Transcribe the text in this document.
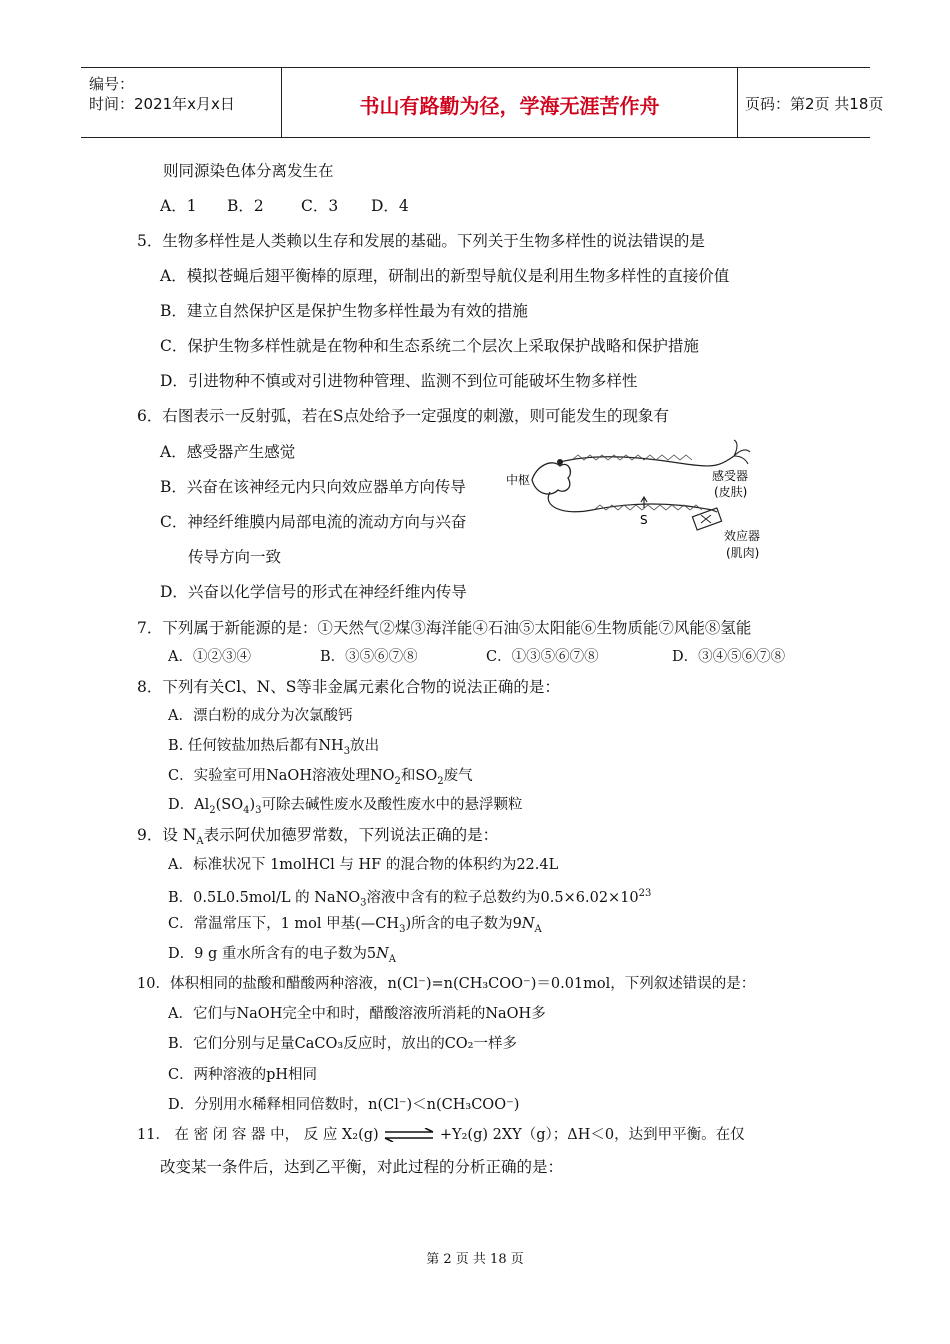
编号：
时间：2021年x月x日	书山有路勤为径，学海无涯苦作舟	页码：第2页 共18页
则同源染色体分离发生在
A．1 B．2 C．3 D．4
5．生物多样性是人类赖以生存和发展的基础。下列关于生物多样性的说法错误的是
A．模拟苍蝇后翅平衡棒的原理，研制出的新型导航仪是利用生物多样性的直接价值
B．建立自然保护区是保护生物多样性最为有效的措施
C．保护生物多样性就是在物种和生态系统二个层次上采取保护战略和保护措施
D．引进物种不慎或对引进物种管理、监测不到位可能破坏生物多样性
6．右图表示一反射弧，若在S点处给予一定强度的刺激，则可能发生的现象有
A．感受器产生感觉
B．兴奋在该神经元内只向效应器单方向传导
C．神经纤维膜内局部电流的流动方向与兴奋
传导方向一致
D．兴奋以化学信号的形式在神经纤维内传导
中枢	感受器
(皮肤)
S
效应器
(肌肉)
7．下列属于新能源的是：①天然气②煤③海洋能④石油⑤太阳能⑥生物质能⑦风能⑧氢能
A．①②③④	B．③⑤⑥⑦⑧	C．①③⑤⑥⑦⑧	D．③④⑤⑥⑦⑧
8．下列有关Cl、N、S等非金属元素化合物的说法正确的是：
A．漂白粉的成分为次氯酸钙
B. 任何铵盐加热后都有$NH_3$放出
C．实验室可用NaOH溶液处理$NO_2$和$SO_2$废气
D．$Al_2(SO_4)_3$可除去碱性废水及酸性废水中的悬浮颗粒
9．设 $N_A$表示阿伏加德罗常数，下列说法正确的是：
A．标准状况下 1molHCl 与 HF 的混合物的体积约为22.4L
B．0.5L0.5mol/L 的 NaNO$_3$溶液中含有的粒子总数约为$0.5\times 6.02\times 10^{23}$
C．常温常压下，1 mol 甲基$(—CH_3)$所含的电子数为$9N_A$
D．9 g 重水所含有的电子数为$5N_A$
10．体积相同的盐酸和醋酸两种溶液，n(Cl⁻)=n(CH₃COO⁻)＝0.01mol，下列叙述错误的是：
A．它们与NaOH完全中和时，醋酸溶液所消耗的NaOH多
B．它们分别与足量CaCO₃反应时，放出的CO₂一样多
C．两种溶液的pH相同
D．分别用水稀释相同倍数时，n(Cl⁻)＜n(CH₃COO⁻)
11． 在 密 闭 容 器 中， 反 应 X₂(g) ⇌ +Y₂(g) 2XY（g）；ΔH＜0，达到甲平衡。在仅
改变某一条件后，达到乙平衡，对此过程的分析正确的是：
第 2 页 共 18 页
